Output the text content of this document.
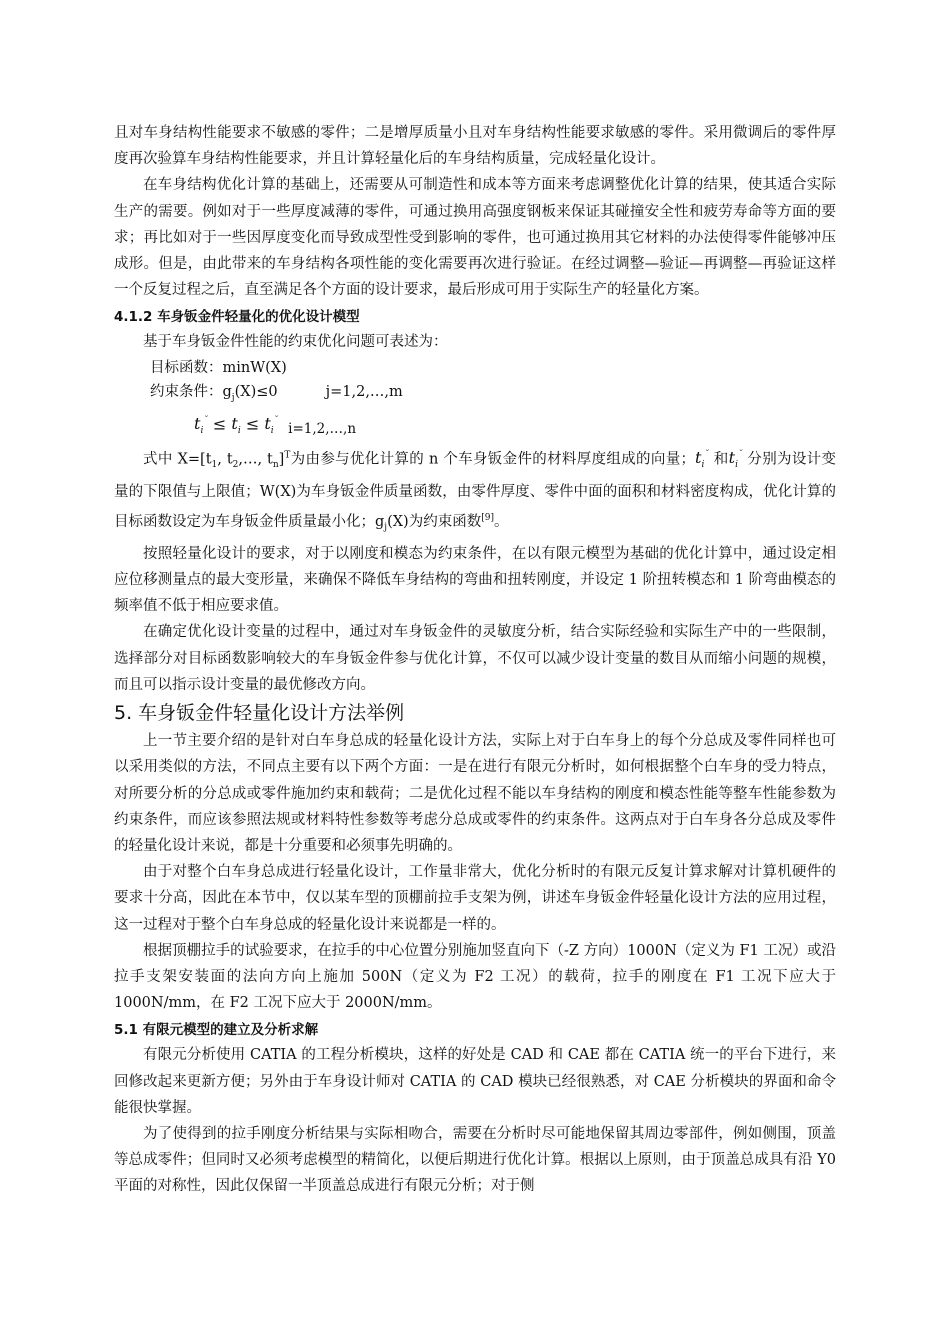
且对车身结构性能要求不敏感的零件；二是增厚质量小且对车身结构性能要求敏感的零件。采用微调后的零件厚度再次验算车身结构性能要求，并且计算轻量化后的车身结构质量，完成轻量化设计。

在车身结构优化计算的基础上，还需要从可制造性和成本等方面来考虑调整优化计算的结果，使其适合实际生产的需要。例如对于一些厚度减薄的零件，可通过换用高强度钢板来保证其碰撞安全性和疲劳寿命等方面的要求；再比如对于一些因厚度变化而导致成型性受到影响的零件，也可通过换用其它材料的办法使得零件能够冲压成形。但是，由此带来的车身结构各项性能的变化需要再次进行验证。在经过调整—验证—再调整—再验证这样一个反复过程之后，直至满足各个方面的设计要求，最后形成可用于实际生产的轻量化方案。

4.1.2 车身钣金件轻量化的优化设计模型

基于车身钣金件性能的约束优化问题可表述为：

目标函数：minW(X)

约束条件：$g_j(X)\le 0$	j=1,2,…,m

$t_i^˘ \le t_i$ ≤ $t_i^˘i=1,2,\dots,n$

式中 $X=[t_1$, $t_2,\dots$, $t_n]^T$为由参与优化计算的 n 个车身钣金件的材料厚度组成的向量；$t_i^˘$ 和$t_i^˘$ 分别为设计变量的下限值与上限值；W(X)为车身钣金件质量函数，由零件厚度、零件中面的面积和材料密度构成，优化计算的目标函数设定为车身钣金件质量最小化；$g_j(X)$为约束函数[9]。

按照轻量化设计的要求，对于以刚度和模态为约束条件，在以有限元模型为基础的优化计算中，通过设定相应位移测量点的最大变形量，来确保不降低车身结构的弯曲和扭转刚度，并设定 1 阶扭转模态和 1 阶弯曲模态的频率值不低于相应要求值。

在确定优化设计变量的过程中，通过对车身钣金件的灵敏度分析，结合实际经验和实际生产中的一些限制，选择部分对目标函数影响较大的车身钣金件参与优化计算，不仅可以减少设计变量的数目从而缩小问题的规模，而且可以指示设计变量的最优修改方向。

5. 车身钣金件轻量化设计方法举例

上一节主要介绍的是针对白车身总成的轻量化设计方法，实际上对于白车身上的每个分总成及零件同样也可以采用类似的方法，不同点主要有以下两个方面：一是在进行有限元分析时，如何根据整个白车身的受力特点，对所要分析的分总成或零件施加约束和载荷；二是优化过程不能以车身结构的刚度和模态性能等整车性能参数为约束条件，而应该参照法规或材料特性参数等考虑分总成或零件的约束条件。这两点对于白车身各分总成及零件的轻量化设计来说，都是十分重要和必须事先明确的。

由于对整个白车身总成进行轻量化设计，工作量非常大，优化分析时的有限元反复计算求解对计算机硬件的要求十分高，因此在本节中，仅以某车型的顶棚前拉手支架为例，讲述车身钣金件轻量化设计方法的应用过程，这一过程对于整个白车身总成的轻量化设计来说都是一样的。

根据顶棚拉手的试验要求，在拉手的中心位置分别施加竖直向下（-Z 方向）1000N（定义为 F1 工况）或沿拉手支架安装面的法向方向上施加 500N（定义为 F2 工况）的载荷，拉手的刚度在 F1 工况下应大于 1000N/mm，在 F2 工况下应大于 2000N/mm。

5.1 有限元模型的建立及分析求解

有限元分析使用 CATIA 的工程分析模块，这样的好处是 CAD 和 CAE 都在 CATIA 统一的平台下进行，来回修改起来更新方便；另外由于车身设计师对 CATIA 的 CAD 模块已经很熟悉，对 CAE 分析模块的界面和命令能很快掌握。

为了使得到的拉手刚度分析结果与实际相吻合，需要在分析时尽可能地保留其周边零部件，例如侧围，顶盖等总成零件；但同时又必须考虑模型的精简化，以便后期进行优化计算。根据以上原则，由于顶盖总成具有沿 Y0 平面的对称性，因此仅保留一半顶盖总成进行有限元分析；对于侧
